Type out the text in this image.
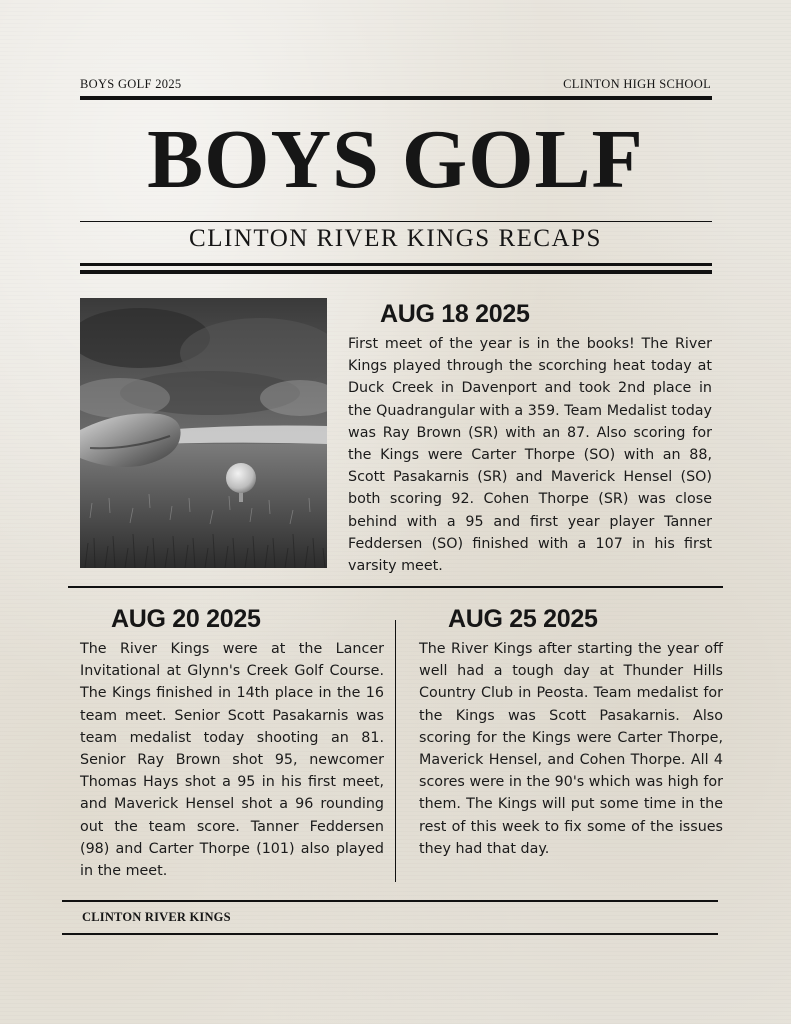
BOYS GOLF 2025	CLINTON HIGH SCHOOL
BOYS GOLF
CLINTON RIVER KINGS RECAPS
AUG 18 2025
First meet of the year is in the books! The River Kings played through the scorching heat today at Duck Creek in Davenport and took 2nd place in the Quadrangular with a 359. Team Medalist today was Ray Brown (SR) with an 87. Also scoring for the Kings were Carter Thorpe (SO) with an 88, Scott Pasakarnis (SR) and Maverick Hensel (SO) both scoring 92. Cohen Thorpe (SR) was close behind with a 95 and first year player Tanner Feddersen (SO) finished with a 107 in his first varsity meet.
AUG 20 2025
The River Kings were at the Lancer Invitational at Glynn's Creek Golf Course. The Kings finished in 14th place in the 16 team meet. Senior Scott Pasakarnis was team medalist today shooting an 81. Senior Ray Brown shot 95, newcomer Thomas Hays shot a 95 in his first meet, and Maverick Hensel shot a 96 rounding out the team score. Tanner Feddersen (98) and Carter Thorpe (101) also played in the meet.
AUG 25 2025
The River Kings after starting the year off well had a tough day at Thunder Hills Country Club in Peosta. Team medalist for the Kings was Scott Pasakarnis. Also scoring for the Kings were Carter Thorpe, Maverick Hensel, and Cohen Thorpe. All 4 scores were in the 90's which was high for them. The Kings will put some time in the rest of this week to fix some of the issues they had that day.
CLINTON RIVER KINGS
